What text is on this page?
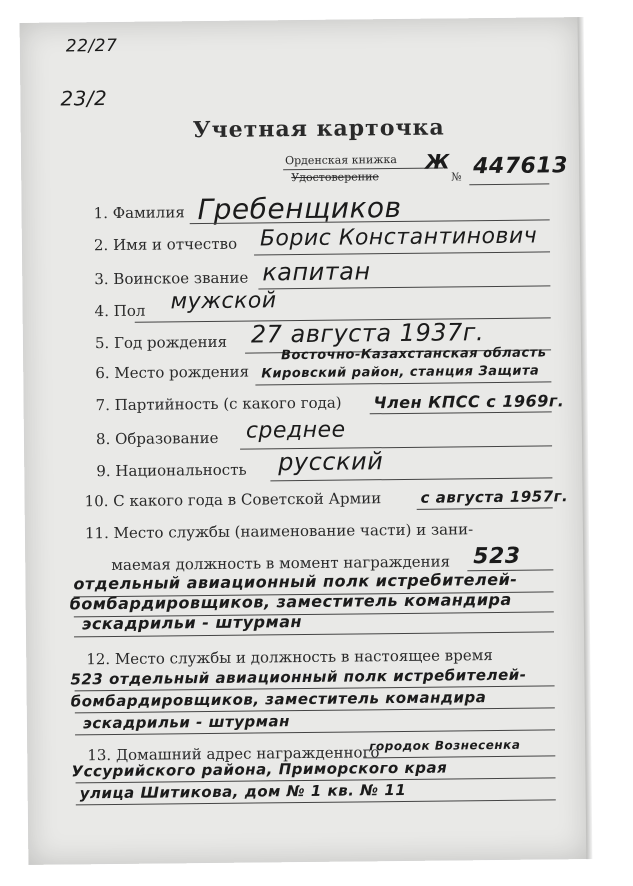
22/27
23/2
Учетная карточка
Орденская книжка
Удостоверение
Ж
№ 447613
1. Фамилия Гребенщиков
2. Имя и отчество Борис Константинович
3. Воинское звание капитан
4. Пол мужской
5. Год рождения 27 августа 1937г.
6. Место рождения
Восточно-Казахстанская область
Кировский район, станция Защита
7. Партийность (с какого года) Член КПСС с 1969г.
8. Образование среднее
9. Национальность русский
10. С какого года в Советской Армии	с августа 1957г.
11. Место службы (наименование части) и зани-
маемая должность в момент награждения 523
отдельный авиационный полк истребителей-
бомбардировщиков, заместитель командира
эскадрильи - штурман
12. Место службы и должность в настоящее время
523 отдельный авиационный полк истребителей-
бомбардировщиков, заместитель командира
эскадрильи - штурман
13. Домашний адрес награжденного
городок Вознесенка
Уссурийского района, Приморского края
улица Шитикова, дом № 1 кв. № 11
